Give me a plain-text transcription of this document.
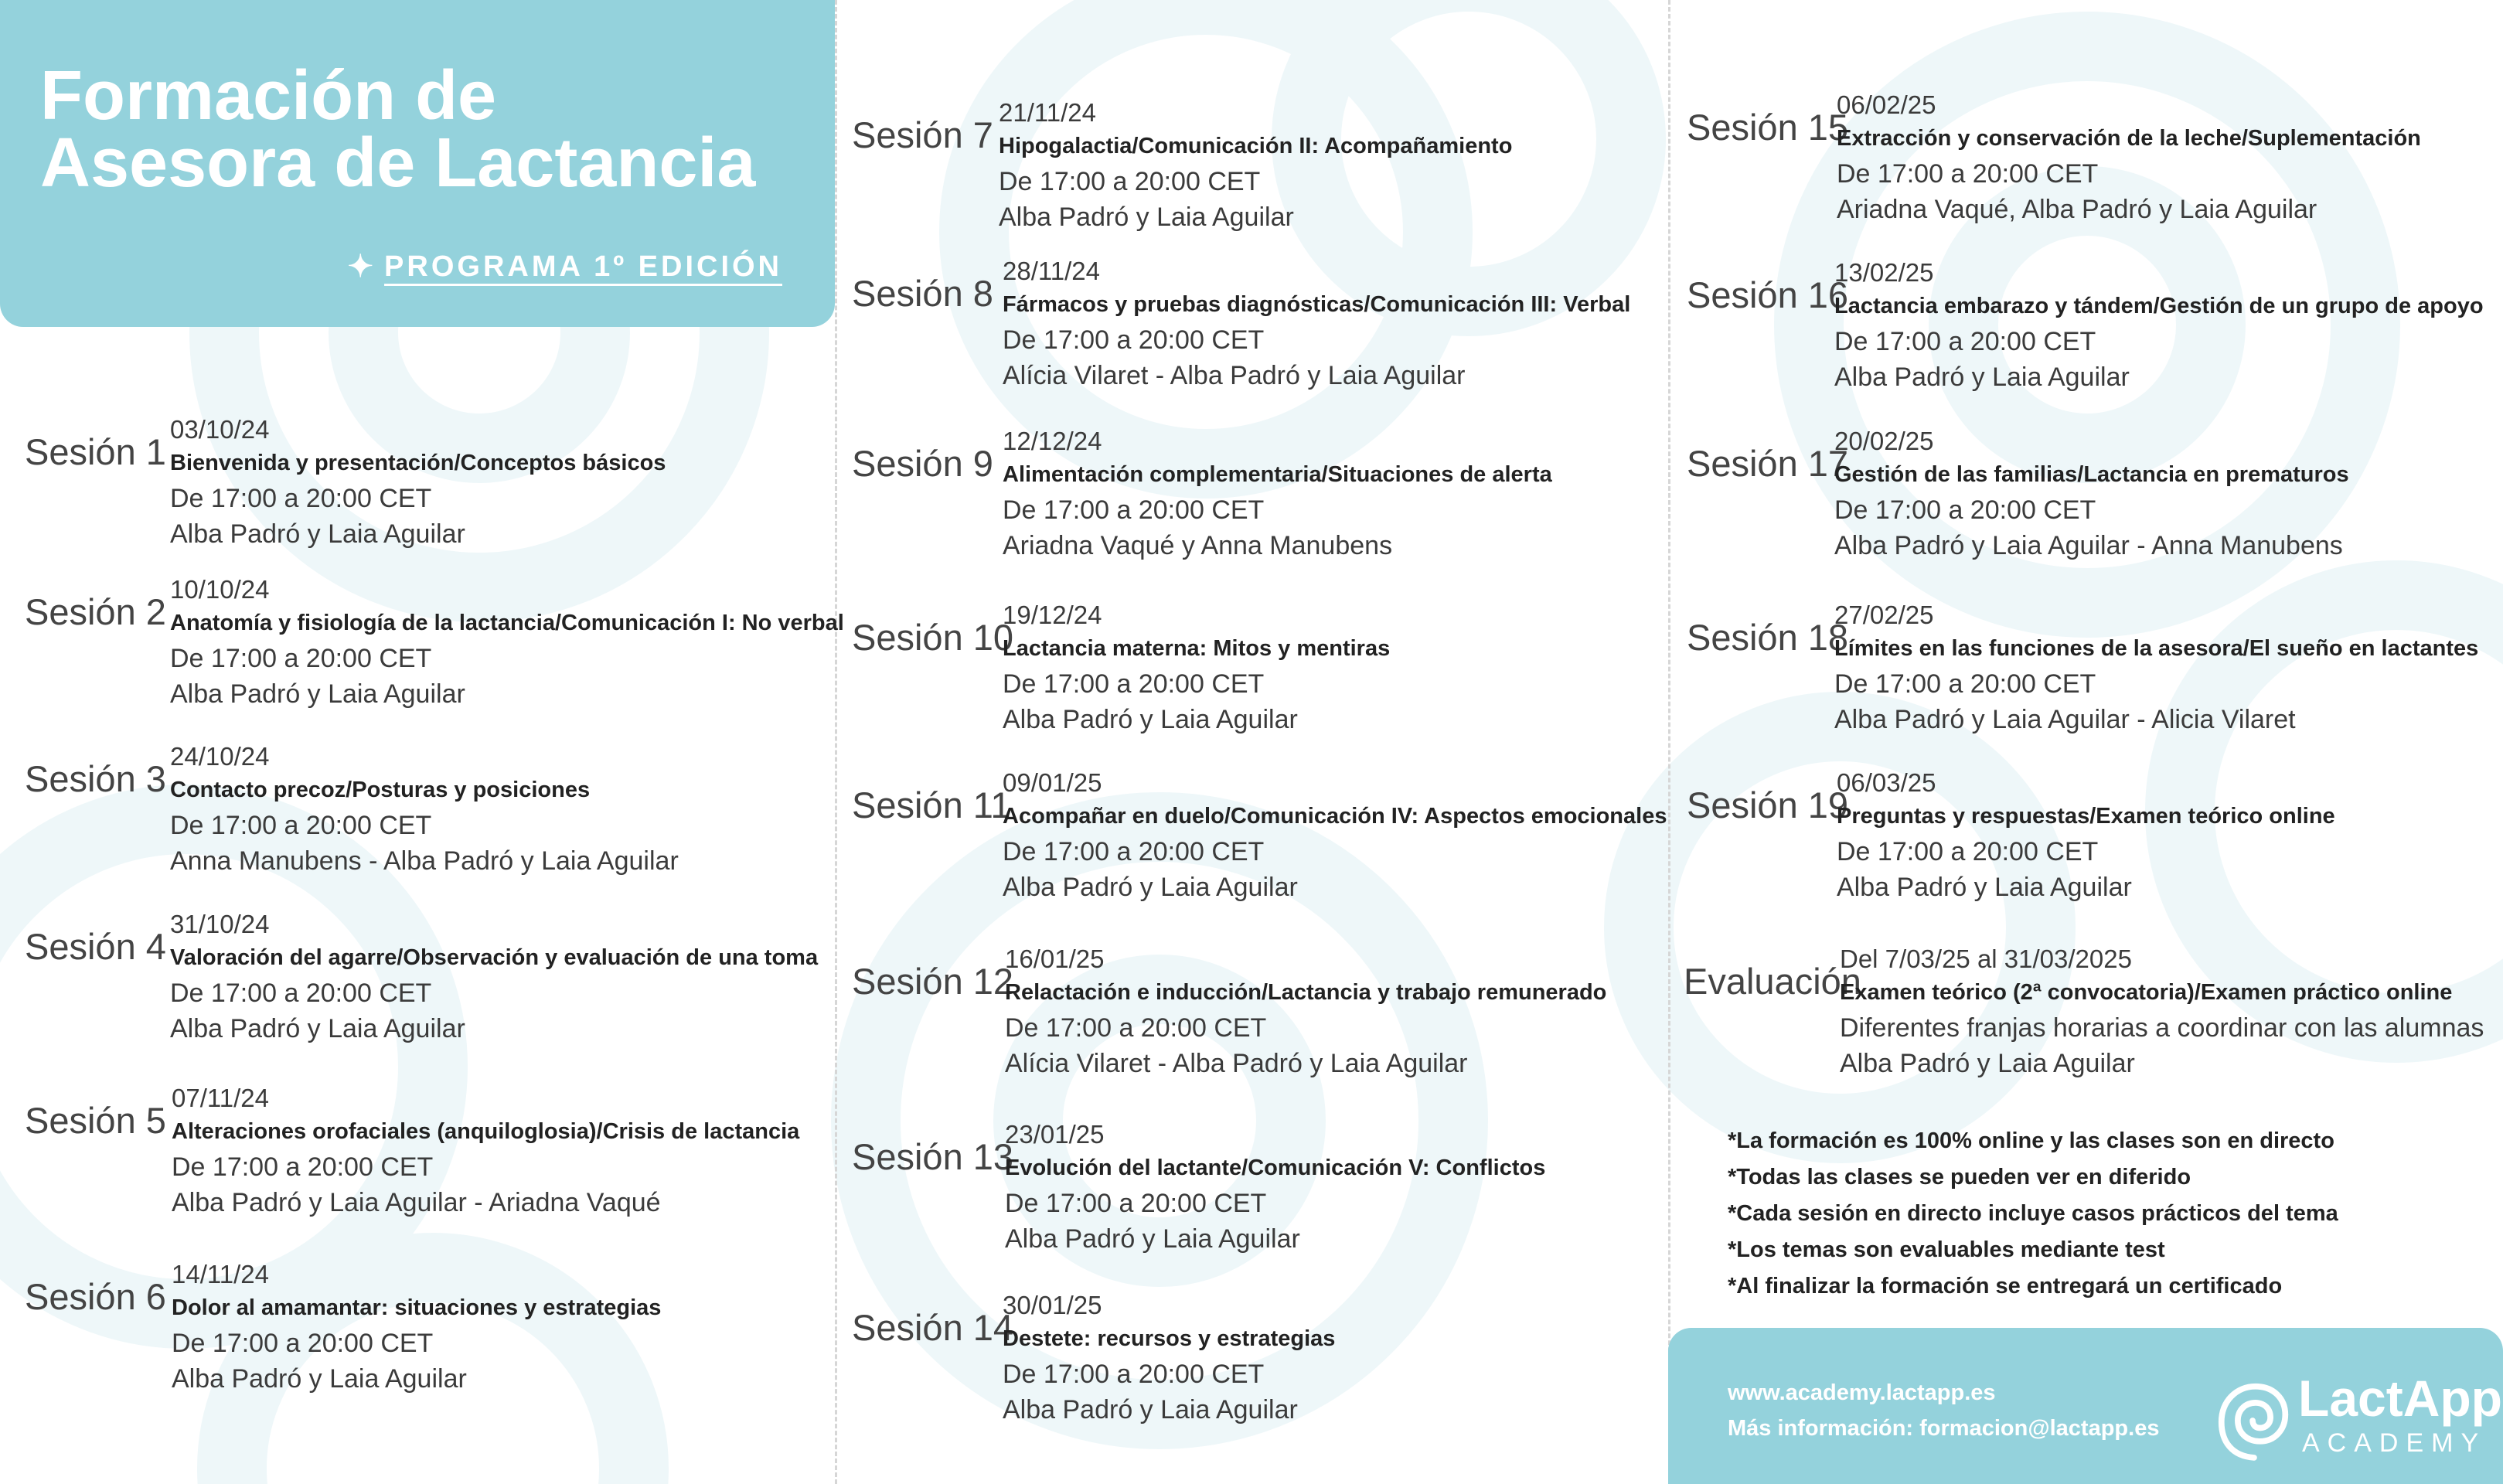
Formación de
Asesora de Lactancia
✦ PROGRAMA 1º EDICIÓN
Sesión 1
03/10/24
Bienvenida y presentación/Conceptos básicos
De 17:00 a 20:00 CET
Alba Padró y Laia Aguilar
Sesión 2
10/10/24
Anatomía y fisiología de la lactancia/Comunicación I: No verbal
De 17:00 a 20:00 CET
Alba Padró y Laia Aguilar
Sesión 3
24/10/24
Contacto precoz/Posturas y posiciones
De 17:00 a 20:00 CET
Anna Manubens - Alba Padró y Laia Aguilar
Sesión 4
31/10/24
Valoración del agarre/Observación y evaluación de una toma
De 17:00 a 20:00 CET
Alba Padró y Laia Aguilar
Sesión 5
07/11/24
Alteraciones orofaciales (anquiloglosia)/Crisis de lactancia
De 17:00 a 20:00 CET
Alba Padró y Laia Aguilar - Ariadna Vaqué
Sesión 6
14/11/24
Dolor al amamantar: situaciones y estrategias
De 17:00 a 20:00 CET
Alba Padró y Laia Aguilar
Sesión 7
21/11/24
Hipogalactia/Comunicación II: Acompañamiento
De 17:00 a 20:00 CET
Alba Padró y Laia Aguilar
Sesión 8
28/11/24
Fármacos y pruebas diagnósticas/Comunicación III: Verbal
De 17:00 a 20:00 CET
Alícia Vilaret - Alba Padró y Laia Aguilar
Sesión 9
12/12/24
Alimentación complementaria/Situaciones de alerta
De 17:00 a 20:00 CET
Ariadna Vaqué y Anna Manubens
Sesión 10
19/12/24
Lactancia materna: Mitos y mentiras
De 17:00 a 20:00 CET
Alba Padró y Laia Aguilar
Sesión 11
09/01/25
Acompañar en duelo/Comunicación IV: Aspectos emocionales
De 17:00 a 20:00 CET
Alba Padró y Laia Aguilar
Sesión 12
16/01/25
Relactación e inducción/Lactancia y trabajo remunerado
De 17:00 a 20:00 CET
Alícia Vilaret - Alba Padró y Laia Aguilar
Sesión 13
23/01/25
Evolución del lactante/Comunicación V: Conflictos
De 17:00 a 20:00 CET
Alba Padró y Laia Aguilar
Sesión 14
30/01/25
Destete: recursos y estrategias
De 17:00 a 20:00 CET
Alba Padró y Laia Aguilar
Sesión 15
06/02/25
Extracción y conservación de la leche/Suplementación
De 17:00 a 20:00 CET
Ariadna Vaqué, Alba Padró y Laia Aguilar
Sesión 16
13/02/25
Lactancia embarazo y tándem/Gestión de un grupo de apoyo
De 17:00 a 20:00 CET
Alba Padró y Laia Aguilar
Sesión 17
20/02/25
Gestión de las familias/Lactancia en prematuros
De 17:00 a 20:00 CET
Alba Padró y Laia Aguilar - Anna Manubens
Sesión 18
27/02/25
Límites en las funciones de la asesora/El sueño en lactantes
De 17:00 a 20:00 CET
Alba Padró y Laia Aguilar - Alicia Vilaret
Sesión 19
06/03/25
Preguntas y respuestas/Examen teórico online
De 17:00 a 20:00 CET
Alba Padró y Laia Aguilar
Evaluación
Del 7/03/25 al 31/03/2025
Examen teórico (2ª convocatoria)/Examen práctico online
Diferentes franjas horarias a coordinar con las alumnas
Alba Padró y Laia Aguilar
*La formación es 100% online y las clases son en directo
*Todas las clases se pueden ver en diferido
*Cada sesión en directo incluye casos prácticos del tema
*Los temas son evaluables mediante test
*Al finalizar la formación se entregará un certificado
www.academy.lactapp.es
Más información: formacion@lactapp.es
LactApp
ACADEMY
